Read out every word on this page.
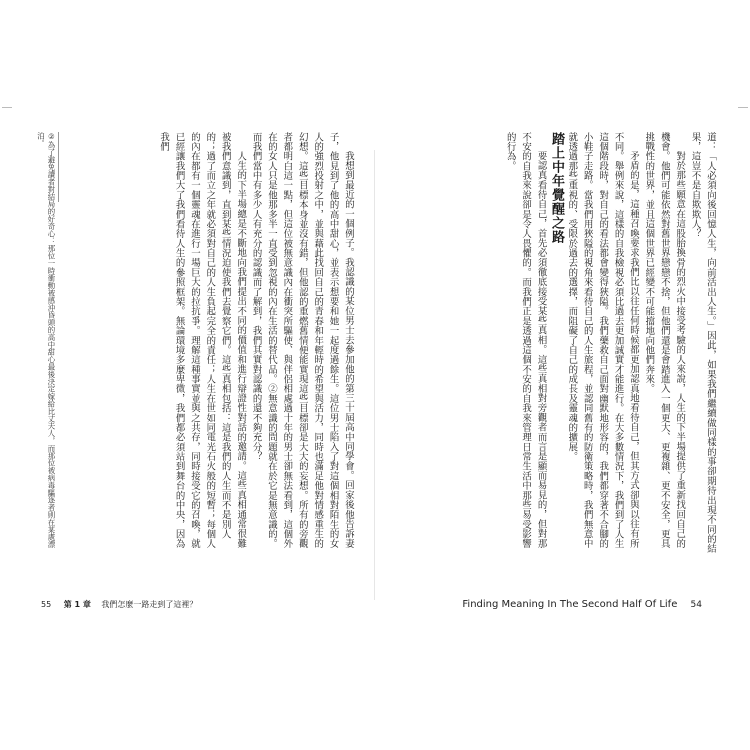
②為了避免讀者對結局的好奇心：那位一時衝動被感沖昏頭的高中甜心最後決定嫁給比丈夫人，而那位被病毒驅逐者則在某處漂泊。

我想到最近的一個例子。我認識的某位男士去參加他的第三十屆高中同學會。回家後他告訴妻子，他見到了他的高中甜心，並表示想要和她一起度過餘生。這位男士陷入了對這個相對陌生的女人的強烈投射之中，並與藉此找回自己的青春和年輕時的希望與活力，同時也滿足他對情感重生的幻想。這些目標本身並沒有錯，但他認的重燃舊情便能實現這些目標卻是大大的妄想。所有的旁觀者都明白這一點，但這位被無意識內在衝突所驅使、與伴侶相處過十年的男士卻無法看到，這個外在的女人只是他那多半一直受到忽視的內在生活的替代品。②無意識的問題就在於它是無意識的。而我們當中有多少人有充分的認識而了解到，我們其實對認識的還不夠充分？

人生的下半場總是不斷地向我們提出不同的價值和進行辯證性對話的邀請。這些真相通常很難被我們意識到，直到某些情況迫使我們去覺察它們。這些真相包括：這是我們的人生而不是別人的；過了而立之年就必須對自己的人生負起完全的責任；人生在世如同電光石火般的短暫；每個人的內在都有一個靈魂在進行一場巨大的拉抗爭。理解這種事實並與之共存，同時接受它的召喚，就已經讓我們大了我們看待人生的參照框架。無論環境多麼卑微，我們都必須站到舞台的中央，因為我們

55 第 1 章 我們怎麼一路走到了這裡？

道：「人必須向後回憶人生，向前活出人生。」因此，如果我們繼續做同樣的事卻期待出現不同的結果，這豈不是自欺欺人？

對於那些願意在這股胎換骨的烈火中接受考驗的人來說，人生的下半場提供了重新找回自己的機會。他們可能依然對舊世界戀戀不捨，但他們還是會踏進入一個更大、更複雜、更不安全，更具挑戰性的世界，並且這個世界已經變不可能擋地向他們奔來。

矛盾的是，這種召喚要求我們比以往任何時候都更加認真地看待自己，但其方式卻與以往有所不同。舉例來說，這樣的自我檢視必須比過去更加誠實才能進行。在大多數情況下，我們到了人生這個階段時，對自己的看法都會變得狹隘。我們藥救自己面對幽默地形容的，我們都穿著不合腳的小鞋子走路。當我們用狹隘的視角來看待自己的人生旅程，並認同舊有的防衛策略時，我們無意中就透過那些重視的、受限於過去的選擇，而阻礙了自己的成長及靈魂的擴展。

踏上中年覺醒之路

要認真看待自己，首先必須徹底接受某些真相。這些真相對旁觀者而言是顯而易見的，但對那不安的自我來說卻是令人畏懼的。而我們正是透過這個不安的自我來管理日常生活中那些易受影響的行為。

Finding Meaning In The Second Half Of Life 54
